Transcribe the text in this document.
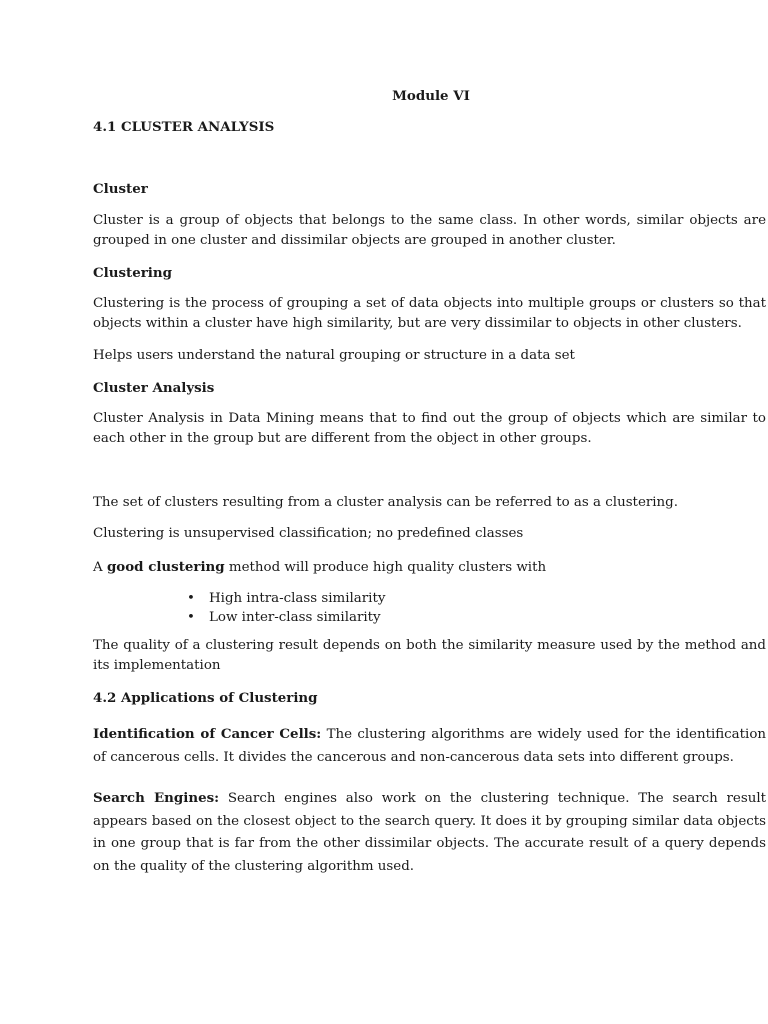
Module VI
4.1 CLUSTER ANALYSIS
Cluster
Cluster is a group of objects that belongs to the same class. In other words, similar objects are grouped in one cluster and dissimilar objects are grouped in another cluster.
Clustering
Clustering is the process of grouping a set of data objects into multiple groups or clusters so that objects within a cluster have high similarity, but are very dissimilar to objects in other clusters.
Helps users understand the natural grouping or structure in a data set
Cluster Analysis
Cluster Analysis in Data Mining means that to find out the group of objects which are similar to each other in the group but are different from the object in other groups.
The set of clusters resulting from a cluster analysis can be referred to as a clustering.
Clustering is unsupervised classification; no predefined classes
A good clustering method will produce high quality clusters with
• High intra-class similarity
• Low inter-class similarity
The quality of a clustering result depends on both the similarity measure used by the method and its implementation
4.2 Applications of Clustering
Identification of Cancer Cells: The clustering algorithms are widely used for the identification of cancerous cells. It divides the cancerous and non-cancerous data sets into different groups.
Search Engines: Search engines also work on the clustering technique. The search result appears based on the closest object to the search query. It does it by grouping similar data objects in one group that is far from the other dissimilar objects. The accurate result of a query depends on the quality of the clustering algorithm used.
